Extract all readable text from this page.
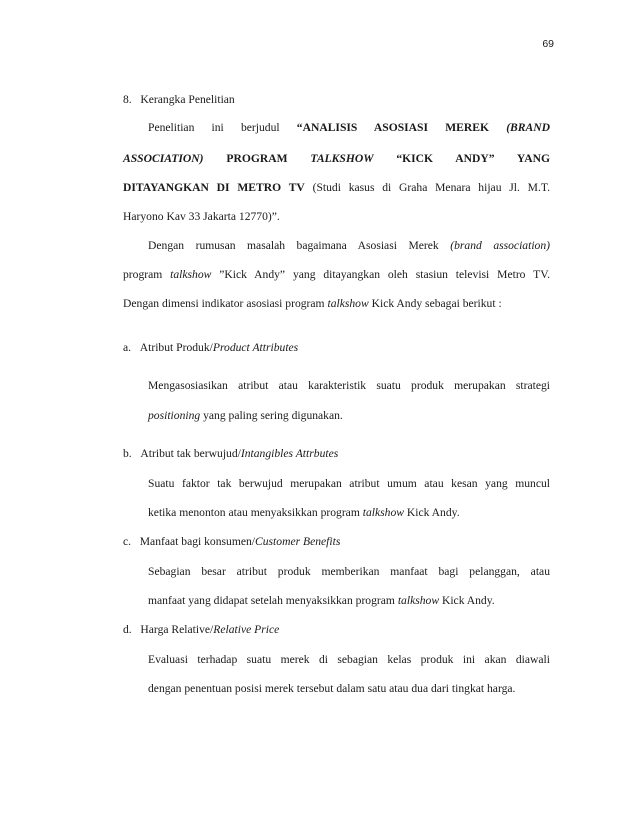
69
8. Kerangka Penelitian
Penelitian ini berjudul “ANALISIS ASOSIASI MEREK (BRAND
ASSOCIATION) PROGRAM TALKSHOW “KICK ANDY” YANG
DITAYANGKAN DI METRO TV (Studi kasus di Graha Menara hijau Jl. M.T.
Haryono Kav 33 Jakarta 12770)”.
Dengan rumusan masalah bagaimana Asosiasi Merek (brand association)
program talkshow ”Kick Andy” yang ditayangkan oleh stasiun televisi Metro TV.
Dengan dimensi indikator asosiasi program talkshow Kick Andy sebagai berikut :
a. Atribut Produk/Product Attributes
Mengasosiasikan atribut atau karakteristik suatu produk merupakan strategi
positioning yang paling sering digunakan.
b. Atribut tak berwujud/Intangibles Attrbutes
Suatu faktor tak berwujud merupakan atribut umum atau kesan yang muncul
ketika menonton atau menyaksikkan program talkshow Kick Andy.
c. Manfaat bagi konsumen/Customer Benefits
Sebagian besar atribut produk memberikan manfaat bagi pelanggan, atau
manfaat yang didapat setelah menyaksikkan program talkshow Kick Andy.
d. Harga Relative/Relative Price
Evaluasi terhadap suatu merek di sebagian kelas produk ini akan diawali
dengan penentuan posisi merek tersebut dalam satu atau dua dari tingkat harga.
